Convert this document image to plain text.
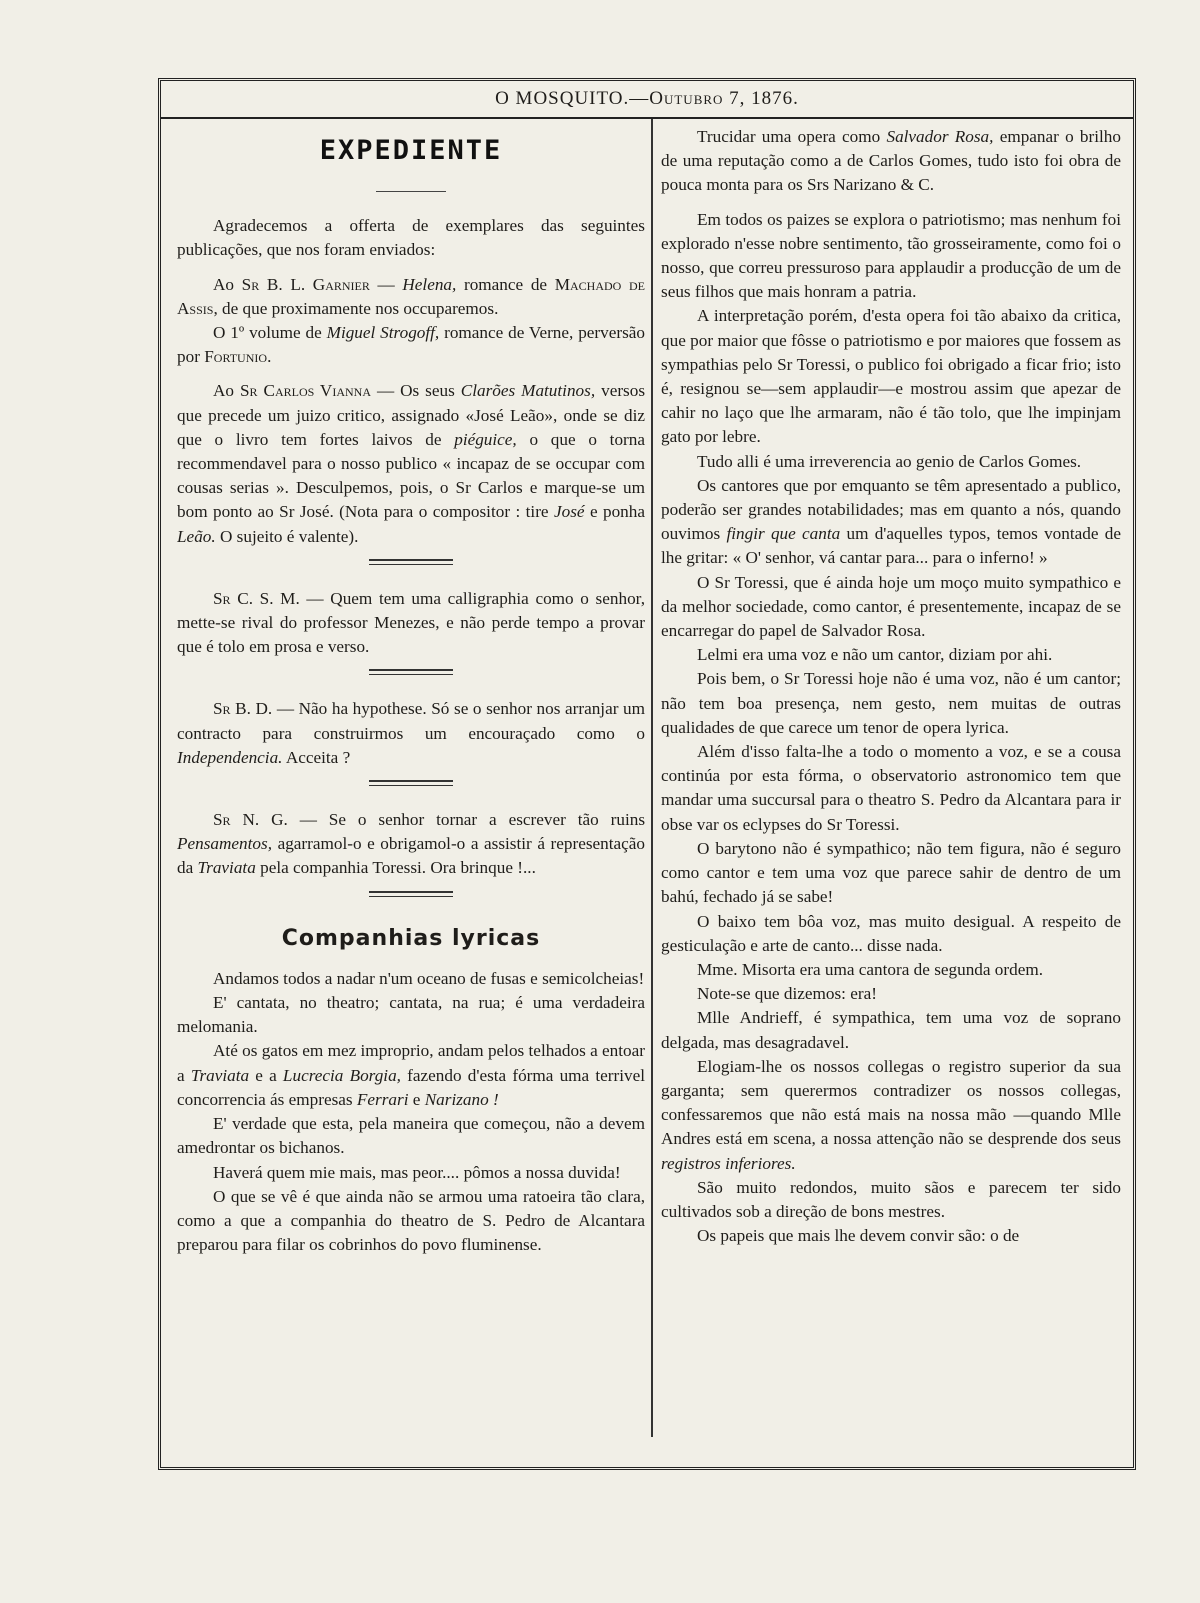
O MOSQUITO.— Outubro 7, 1876.
EXPEDIENTE

Agradecemos a offerta de exemplares das seguintes publicações, que nos foram enviados:

Ao Sr B. L. Garnier — Helena, romance de Machado de Assis, de que proximamente nos occuparemos.

O 1º volume de Miguel Strogoff, romance de Verne, perversão por Fortunio.

Ao Sr Carlos Vianna — Os seus Clarões Matutinos, versos que precede um juizo critico, assignado «José Leão», onde se diz que o livro tem fortes laivos de piéguice, o que o torna recommendavel para o nosso publico « incapaz de se occupar com cousas serias ». Desculpemos, pois, o Sr Carlos e marque-se um bom ponto ao Sr José. (Nota para o compositor : tire José e ponha Leão. O sujeito é valente).

Sr C. S. M. — Quem tem uma calligraphia como o senhor, mette-se rival do professor Menezes, e não perde tempo a provar que é tolo em prosa e verso.

Sr B. D. — Não ha hypothese. Só se o senhor nos arranjar um contracto para construirmos um encouraçado como o Independencia. Acceita ?

Sr N. G. — Se o senhor tornar a escrever tão ruins Pensamentos, agarramol-o e obrigamol-o a assistir á representação da Traviata pela companhia Toressi. Ora brinque !...

Companhias lyricas

Andamos todos a nadar n'um oceano de fusas e semicolcheias!

E' cantata, no theatro; cantata, na rua; é uma verdadeira melomania.

Até os gatos em mez improprio, andam pelos telhados a entoar a Traviata e a Lucrecia Borgia, fazendo d'esta fórma uma terrivel concorrencia ás empresas Ferrari e Narizano !

E' verdade que esta, pela maneira que começou, não a devem amedrontar os bichanos.

Haverá quem mie mais, mas peor.... pômos a nossa duvida!

O que se vê é que ainda não se armou uma ratoeira tão clara, como a que a companhia do theatro de S. Pedro de Alcantara preparou para filar os cobrinhos do povo fluminense.

Trucidar uma opera como Salvador Rosa, empanar o brilho de uma reputação como a de Carlos Gomes, tudo isto foi obra de pouca monta para os Srs Narizano & C.

Em todos os paizes se explora o patriotismo; mas nenhum foi explorado n'esse nobre sentimento, tão grosseiramente, como foi o nosso, que correu pressuroso para applaudir a producção de um de seus filhos que mais honram a patria.

A interpretação porém, d'esta opera foi tão abaixo da critica, que por maior que fôsse o patriotismo e por maiores que fossem as sympathias pelo Sr Toressi, o publico foi obrigado a ficar frio; isto é, resignou se—sem applaudir—e mostrou assim que apezar de cahir no laço que lhe armaram, não é tão tolo, que lhe impinjam gato por lebre.

Tudo alli é uma irreverencia ao genio de Carlos Gomes.

Os cantores que por emquanto se têm apresentado a publico, poderão ser grandes notabilidades; mas em quanto a nós, quando ouvimos fingir que canta um d'aquelles typos, temos vontade de lhe gritar: « O' senhor, vá cantar para... para o inferno! »

O Sr Toressi, que é ainda hoje um moço muito sympathico e da melhor sociedade, como cantor, é presentemente, incapaz de se encarregar do papel de Salvador Rosa.

Lelmi era uma voz e não um cantor, diziam por ahi.

Pois bem, o Sr Toressi hoje não é uma voz, não é um cantor; não tem boa presença, nem gesto, nem muitas de outras qualidades de que carece um tenor de opera lyrica.

Além d'isso falta-lhe a todo o momento a voz, e se a cousa continúa por esta fórma, o observatorio astronomico tem que mandar uma succursal para o theatro S. Pedro da Alcantara para ir obse var os eclypses do Sr Toressi.

O barytono não é sympathico; não tem figura, não é seguro como cantor e tem uma voz que parece sahir de dentro de um bahú, fechado já se sabe!

O baixo tem bôa voz, mas muito desigual. A respeito de gesticulação e arte de canto... disse nada.

Mme. Misorta era uma cantora de segunda ordem.

Note-se que dizemos: era!

Mlle Andrieff, é sympathica, tem uma voz de soprano delgada, mas desagradavel.

Elogiam-lhe os nossos collegas o registro superior da sua garganta; sem querermos contradizer os nossos collegas, confessaremos que não está mais na nossa mão —quando Mlle Andres está em scena, a nossa attenção não se desprende dos seus registros inferiores.

São muito redondos, muito sãos e parecem ter sido cultivados sob a direção de bons mestres.

Os papeis que mais lhe devem convir são: o de
